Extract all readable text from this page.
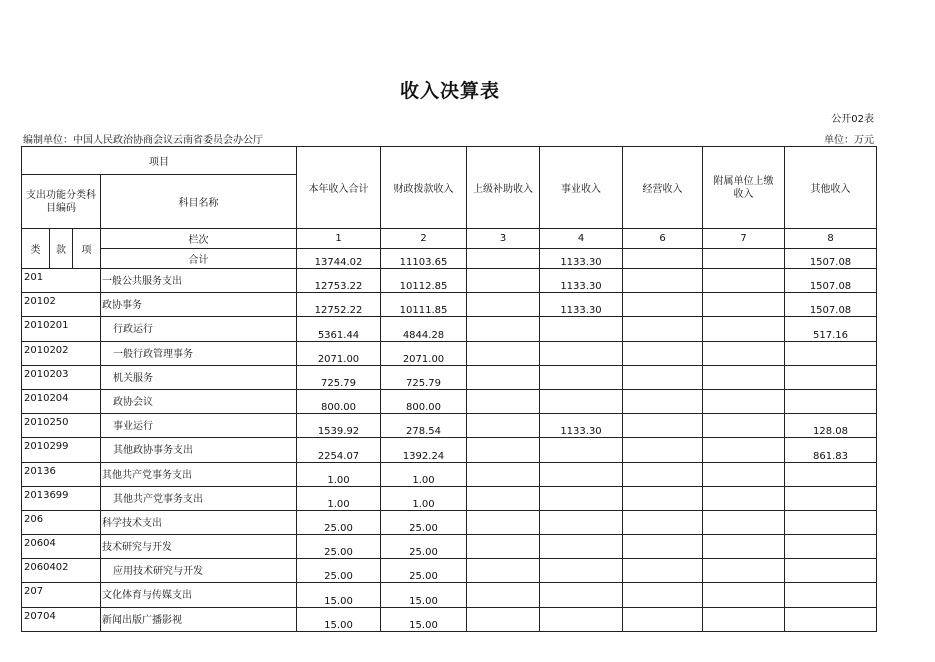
收入决算表
公开02表
编制单位：中国人民政治协商会议云南省委员会办公厅	单位：万元
项目				本年收入合计	财政拨款收入	上级补助收入	事业收入	经营收入	附属单位上缴收入	其他收入
支出功能分类科目编码			科目名称							
类	款	项	栏次	1	2	3	4	6	7	8
			合计	13744.02	11103.65		1133.30			1507.08
201			一般公共服务支出	12753.22	10112.85		1133.30			1507.08
20102			政协事务	12752.22	10111.85		1133.30			1507.08
2010201			行政运行	5361.44	4844.28					517.16
2010202			一般行政管理事务	2071.00	2071.00					
2010203			机关服务	725.79	725.79					
2010204			政协会议	800.00	800.00					
2010250			事业运行	1539.92	278.54		1133.30			128.08
2010299			其他政协事务支出	2254.07	1392.24					861.83
20136			其他共产党事务支出	1.00	1.00					
2013699			其他共产党事务支出	1.00	1.00					
206			科学技术支出	25.00	25.00					
20604			技术研究与开发	25.00	25.00					
2060402			应用技术研究与开发	25.00	25.00					
207			文化体育与传媒支出	15.00	15.00					
20704			新闻出版广播影视	15.00	15.00					
